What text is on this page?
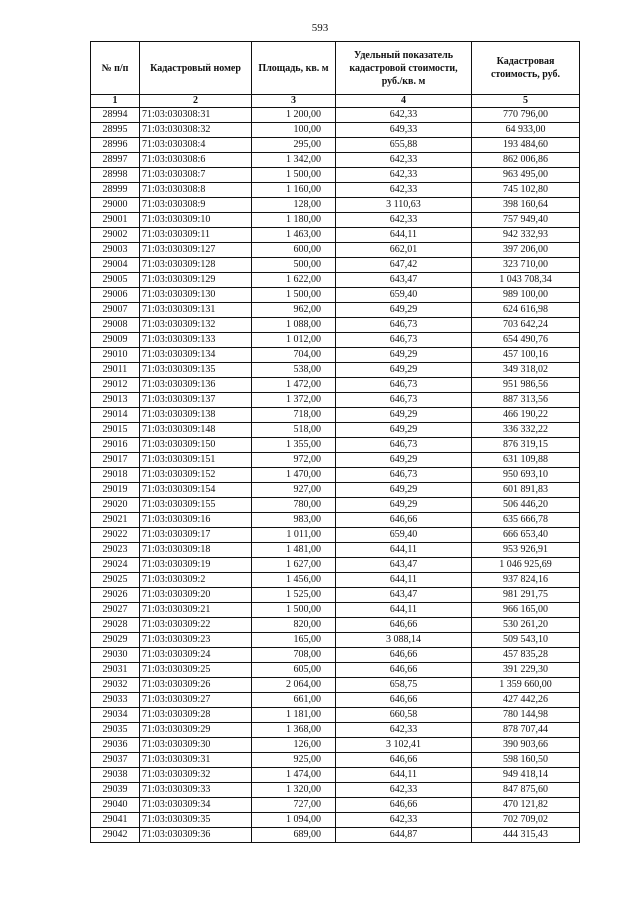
593
№ п/п	Кадастровый номер	Площадь, кв. м	Удельный показатель кадастровой стоимости, руб./кв. м	Кадастровая стоимость, руб.
1	2	3	4	5
28994	71:03:030308:31	1 200,00	642,33	770 796,00
28995	71:03:030308:32	100,00	649,33	64 933,00
28996	71:03:030308:4	295,00	655,88	193 484,60
28997	71:03:030308:6	1 342,00	642,33	862 006,86
28998	71:03:030308:7	1 500,00	642,33	963 495,00
28999	71:03:030308:8	1 160,00	642,33	745 102,80
29000	71:03:030308:9	128,00	3 110,63	398 160,64
29001	71:03:030309:10	1 180,00	642,33	757 949,40
29002	71:03:030309:11	1 463,00	644,11	942 332,93
29003	71:03:030309:127	600,00	662,01	397 206,00
29004	71:03:030309:128	500,00	647,42	323 710,00
29005	71:03:030309:129	1 622,00	643,47	1 043 708,34
29006	71:03:030309:130	1 500,00	659,40	989 100,00
29007	71:03:030309:131	962,00	649,29	624 616,98
29008	71:03:030309:132	1 088,00	646,73	703 642,24
29009	71:03:030309:133	1 012,00	646,73	654 490,76
29010	71:03:030309:134	704,00	649,29	457 100,16
29011	71:03:030309:135	538,00	649,29	349 318,02
29012	71:03:030309:136	1 472,00	646,73	951 986,56
29013	71:03:030309:137	1 372,00	646,73	887 313,56
29014	71:03:030309:138	718,00	649,29	466 190,22
29015	71:03:030309:148	518,00	649,29	336 332,22
29016	71:03:030309:150	1 355,00	646,73	876 319,15
29017	71:03:030309:151	972,00	649,29	631 109,88
29018	71:03:030309:152	1 470,00	646,73	950 693,10
29019	71:03:030309:154	927,00	649,29	601 891,83
29020	71:03:030309:155	780,00	649,29	506 446,20
29021	71:03:030309:16	983,00	646,66	635 666,78
29022	71:03:030309:17	1 011,00	659,40	666 653,40
29023	71:03:030309:18	1 481,00	644,11	953 926,91
29024	71:03:030309:19	1 627,00	643,47	1 046 925,69
29025	71:03:030309:2	1 456,00	644,11	937 824,16
29026	71:03:030309:20	1 525,00	643,47	981 291,75
29027	71:03:030309:21	1 500,00	644,11	966 165,00
29028	71:03:030309:22	820,00	646,66	530 261,20
29029	71:03:030309:23	165,00	3 088,14	509 543,10
29030	71:03:030309:24	708,00	646,66	457 835,28
29031	71:03:030309:25	605,00	646,66	391 229,30
29032	71:03:030309:26	2 064,00	658,75	1 359 660,00
29033	71:03:030309:27	661,00	646,66	427 442,26
29034	71:03:030309:28	1 181,00	660,58	780 144,98
29035	71:03:030309:29	1 368,00	642,33	878 707,44
29036	71:03:030309:30	126,00	3 102,41	390 903,66
29037	71:03:030309:31	925,00	646,66	598 160,50
29038	71:03:030309:32	1 474,00	644,11	949 418,14
29039	71:03:030309:33	1 320,00	642,33	847 875,60
29040	71:03:030309:34	727,00	646,66	470 121,82
29041	71:03:030309:35	1 094,00	642,33	702 709,02
29042	71:03:030309:36	689,00	644,87	444 315,43
